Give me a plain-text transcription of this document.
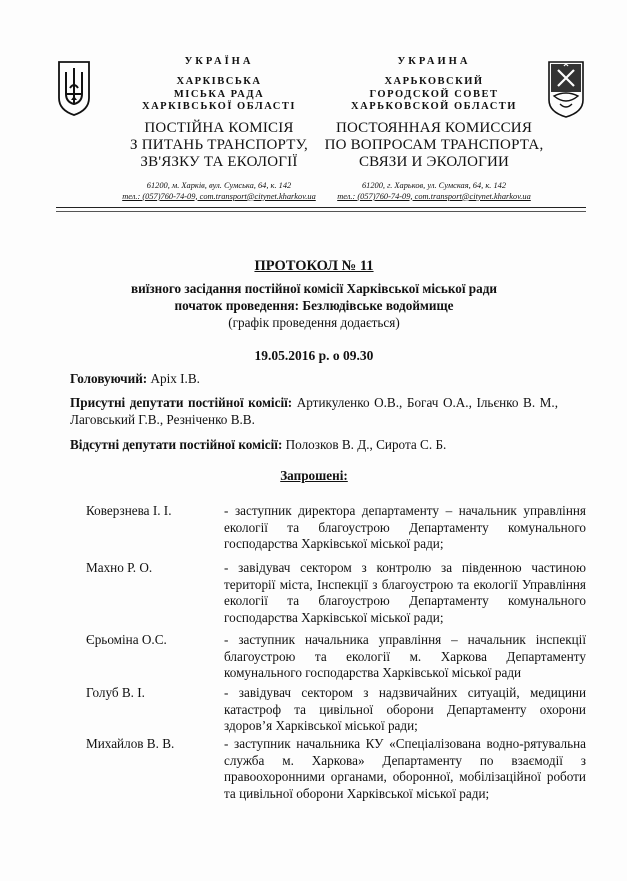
УКРАЇНА
ХАРКІВСЬКА
МІСЬКА РАДА
ХАРКІВСЬКОЇ ОБЛАСТІ
ПОСТІЙНА КОМІСІЯ
З ПИТАНЬ ТРАНСПОРТУ,
ЗВ'ЯЗКУ ТА ЕКОЛОГІЇ
61200, м. Харків, вул. Сумська, 64, к. 142
тел.: (057)760-74-09, com.transport@citynet.kharkov.ua
УКРАИНА
ХАРЬКОВСКИЙ
ГОРОДСКОЙ СОВЕТ
ХАРЬКОВСКОЙ ОБЛАСТИ
ПОСТОЯННАЯ КОМИССИЯ
ПО ВОПРОСАМ ТРАНСПОРТА,
СВЯЗИ И ЭКОЛОГИИ
61200, г. Харьков, ул. Сумская, 64, к. 142
тел.: (057)760-74-09, com.transport@citynet.kharkov.ua
ПРОТОКОЛ № 11
виїзного засідання постійної комісії Харківської міської ради
початок проведення: Безлюдівське водоймище
(графік проведення додається)
19.05.2016 р. о 09.30
Головуючий: Аріх І.В.
Присутні депутати постійної комісії: Артикуленко О.В., Богач О.А., Ільєнко В. М., Лаговський Г.В., Резніченко В.В.
Відсутні депутати постійної комісії: Полозков В. Д., Сирота С. Б.
Запрошені:
Коверзнева І. І.	- заступник директора департаменту – начальник управління екології та благоустрою Департаменту комунального господарства Харківської міської ради;
Махно Р. О.	- завідувач сектором з контролю за південною частиною території міста, Інспекції з благоустрою та екології Управління екології та благоустрою Департаменту комунального господарства Харківської міської ради;
Єрьоміна О.С.	- заступник начальника управління – начальник інспекції благоустрою та екології м. Харкова Департаменту комунального господарства Харківської міської ради
Голуб В. І.	- завідувач сектором з надзвичайних ситуацій, медицини катастроф та цивільної оборони Департаменту охорони здоров’я Харківської міської ради;
Михайлов В. В.	- заступник начальника КУ «Спеціалізована водно-рятувальна служба м. Харкова» Департаменту по взаємодії з правоохоронними органами, оборонної, мобілізаційної роботи та цивільної оборони Харківської міської ради;
